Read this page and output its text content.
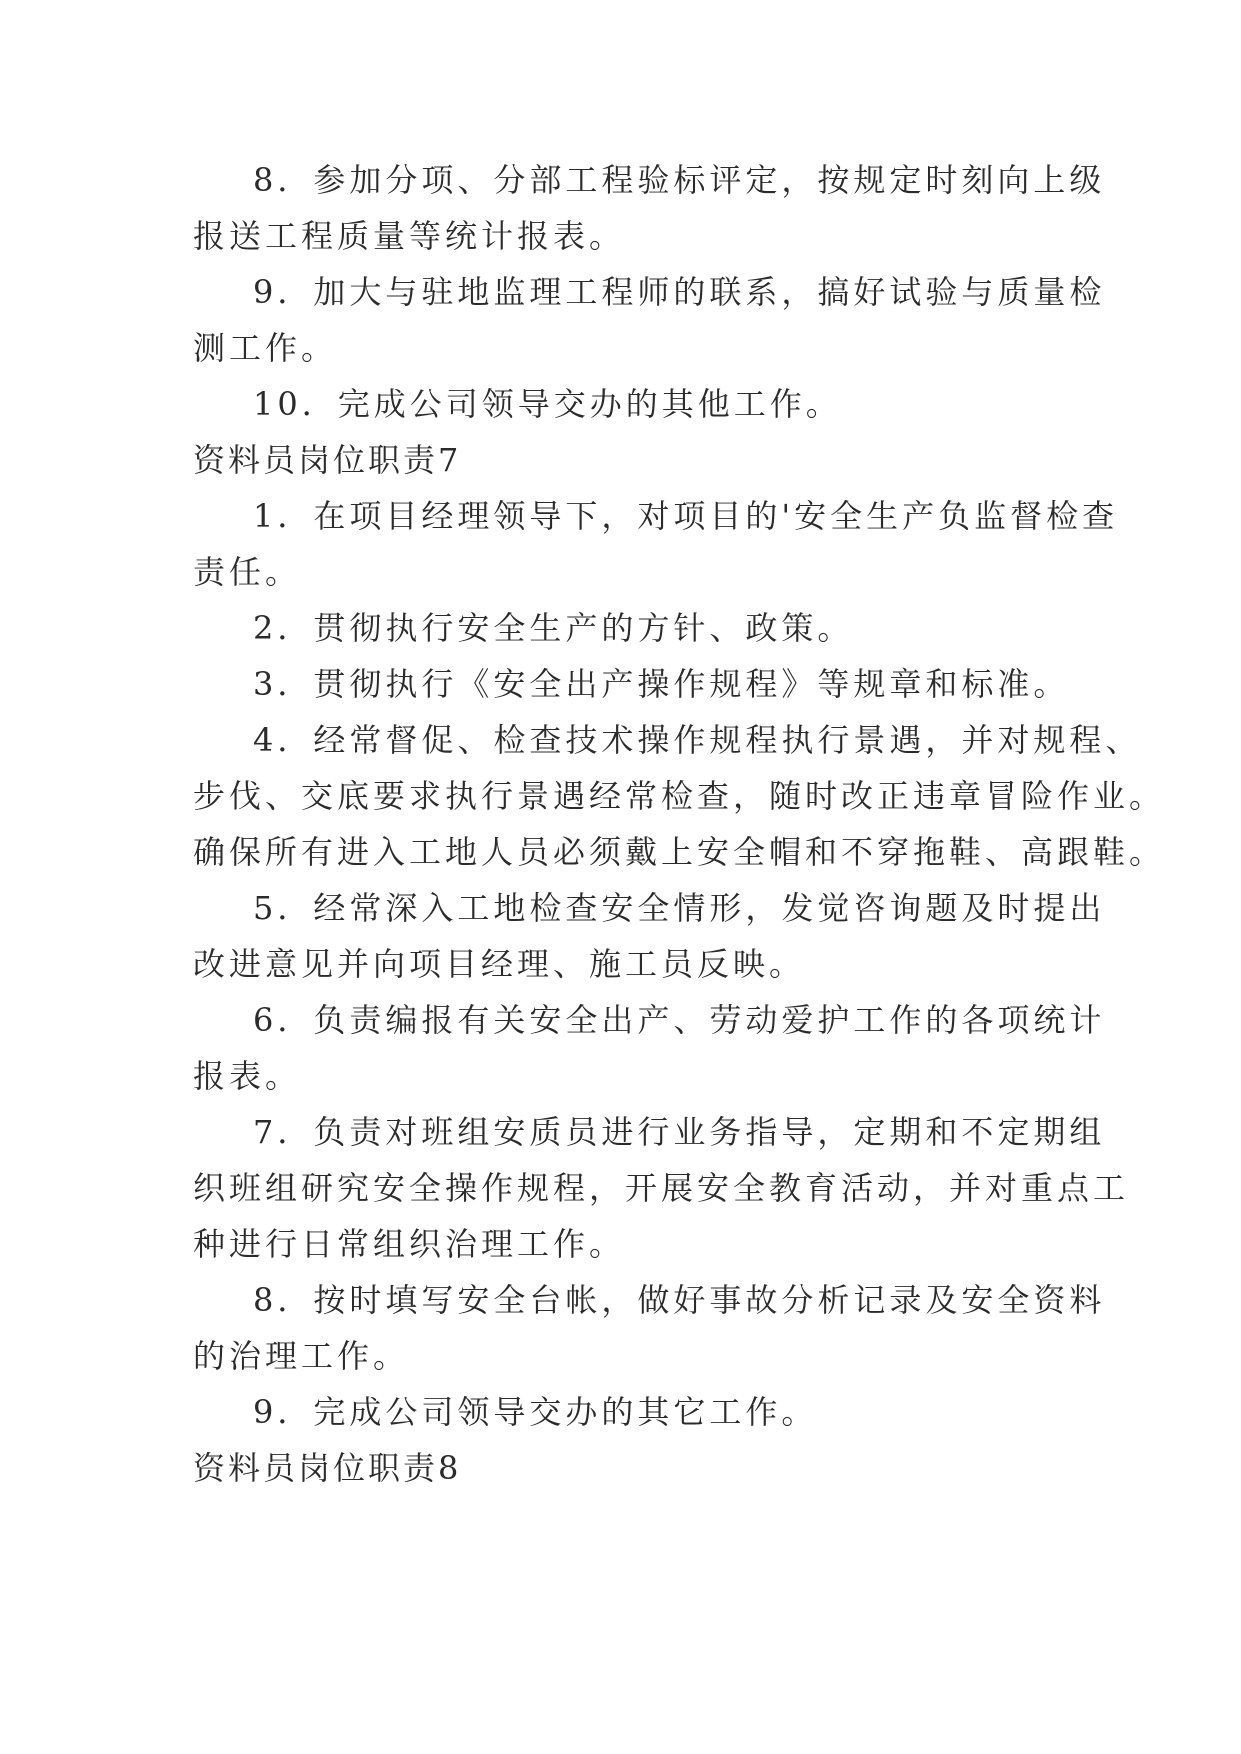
8．参加分项、分部工程验标评定，按规定时刻向上级
报送工程质量等统计报表。
9．加大与驻地监理工程师的联系，搞好试验与质量检
测工作。
10．完成公司领导交办的其他工作。
资料员岗位职责7
1．在项目经理领导下，对项目的'安全生产负监督检查
责任。
2．贯彻执行安全生产的方针、政策。
3．贯彻执行《安全出产操作规程》等规章和标准。
4．经常督促、检查技术操作规程执行景遇，并对规程、
步伐、交底要求执行景遇经常检查，随时改正违章冒险作业。
确保所有进入工地人员必须戴上安全帽和不穿拖鞋、高跟鞋。
5．经常深入工地检查安全情形，发觉咨询题及时提出
改进意见并向项目经理、施工员反映。
6．负责编报有关安全出产、劳动爱护工作的各项统计
报表。
7．负责对班组安质员进行业务指导，定期和不定期组
织班组研究安全操作规程，开展安全教育活动，并对重点工
种进行日常组织治理工作。
8．按时填写安全台帐，做好事故分析记录及安全资料
的治理工作。
9．完成公司领导交办的其它工作。
资料员岗位职责8
